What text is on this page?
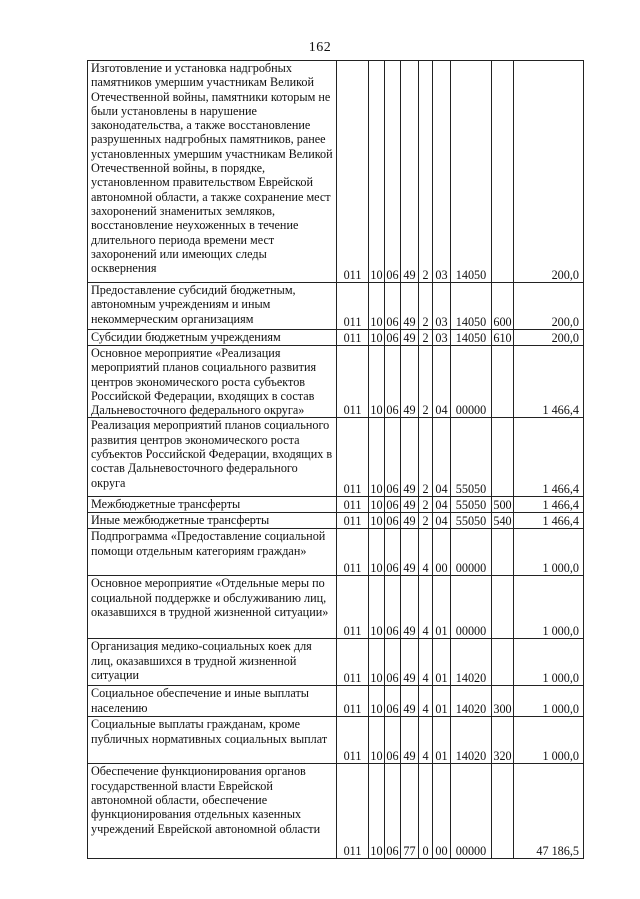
162
Изготовление и установка надгробных памятников умершим участникам Великой Отечественной войны, памятники которым не были установлены в нарушение законодательства, а также восстановление разрушенных надгробных памятников, ранее установленных умершим участникам Великой Отечественной войны, в порядке, установленном правительством Еврейской автономной области, а также сохранение мест захоронений знаменитых земляков, восстановление неухоженных в течение длительного периода времени мест захоронений или имеющих следы осквернения	011	10	06	49	2	03	14050		200,0
Предоставление субсидий бюджетным, автономным учреждениям и иным некоммерческим организациям	011	10	06	49	2	03	14050	600	200,0
Субсидии бюджетным учреждениям	011	10	06	49	2	03	14050	610	200,0
Основное мероприятие «Реализация мероприятий планов социального развития центров экономического роста субъектов Российской Федерации, входящих в состав Дальневосточного федерального округа»	011	10	06	49	2	04	00000		1 466,4
Реализация мероприятий планов социального развития центров экономического роста субъектов Российской Федерации, входящих в состав Дальневосточного федерального округа	011	10	06	49	2	04	55050		1 466,4
Межбюджетные трансферты	011	10	06	49	2	04	55050	500	1 466,4
Иные межбюджетные трансферты	011	10	06	49	2	04	55050	540	1 466,4
Подпрограмма «Предоставление социальной помощи отдельным категориям граждан»	011	10	06	49	4	00	00000		1 000,0
Основное мероприятие «Отдельные меры по социальной поддержке и обслуживанию лиц, оказавшихся в трудной жизненной ситуации»	011	10	06	49	4	01	00000		1 000,0
Организация медико-социальных коек для лиц, оказавшихся в трудной жизненной ситуации	011	10	06	49	4	01	14020		1 000,0
Социальное обеспечение и иные выплаты населению	011	10	06	49	4	01	14020	300	1 000,0
Социальные выплаты гражданам, кроме публичных нормативных социальных выплат	011	10	06	49	4	01	14020	320	1 000,0
Обеспечение функционирования органов государственной власти Еврейской автономной области, обеспечение функционирования отдельных казенных учреждений Еврейской автономной области	011	10	06	77	0	00	00000		47 186,5
